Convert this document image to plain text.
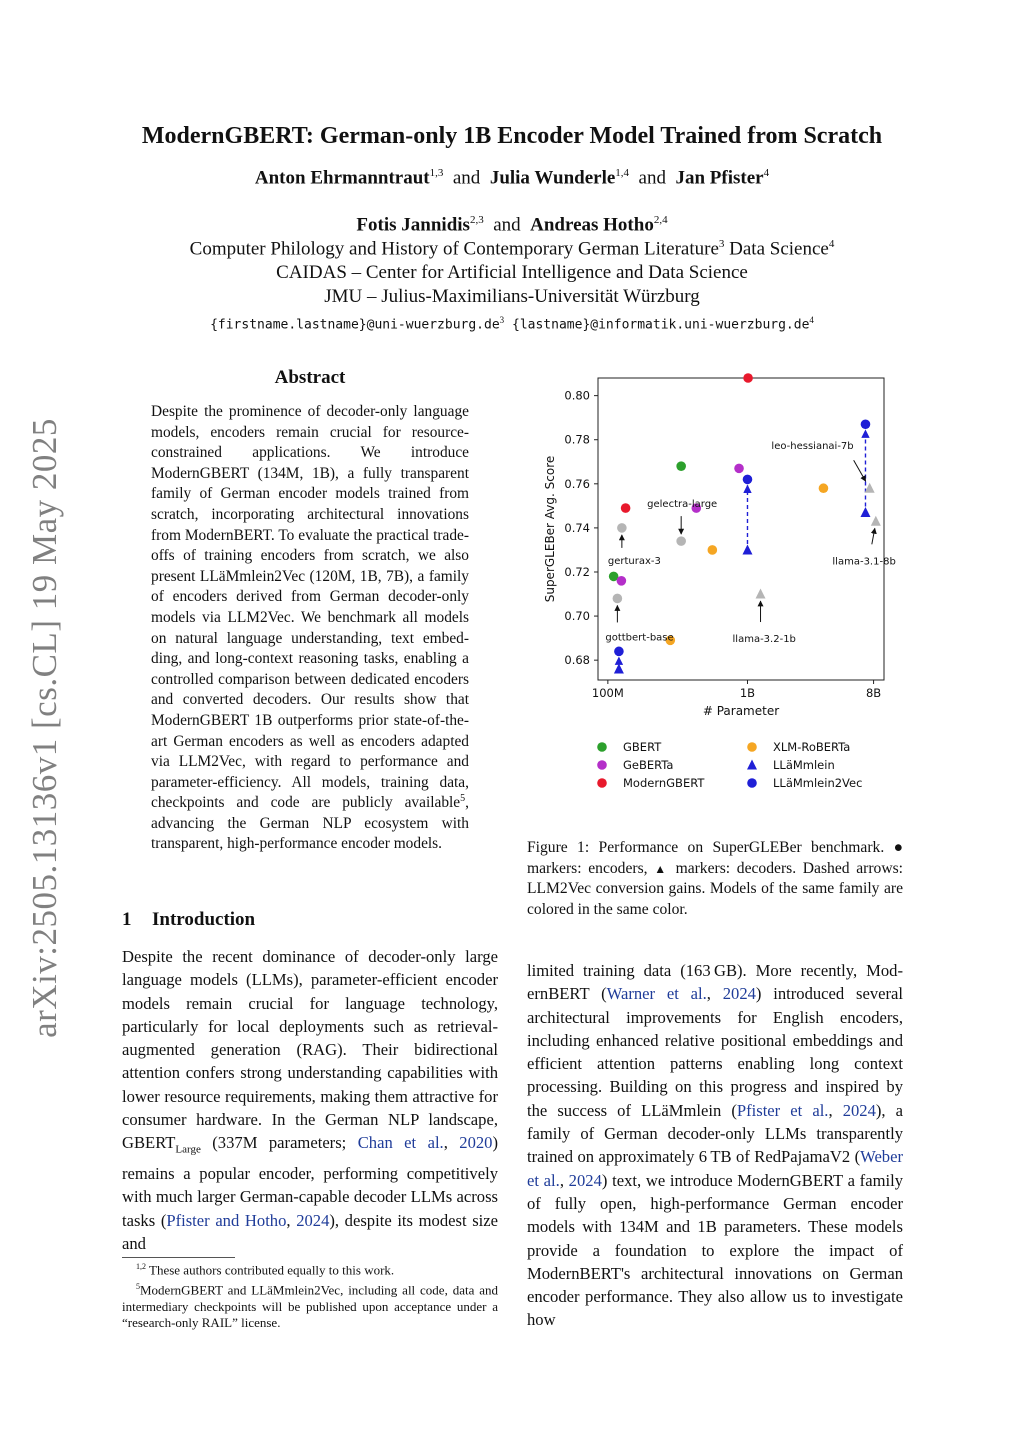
arXiv:2505.13136v1 [cs.CL] 19 May 2025
ModernGBERT: German-only 1B Encoder Model Trained from Scratch
Anton Ehrmanntraut$^{1,3}$ and Julia Wunderle$^{1,4}$ and Jan Pfister$^4$
Fotis Jannidis$^{2,3}$ and Andreas Hotho$^{2,4}$
Computer Philology and History of Contemporary German Literature$^3$ Data Science$^4$
CAIDAS – Center for Artificial Intelligence and Data Science
JMU – Julius-Maximilians-Universität Würzburg
$\{firstname.lastname\}@uni-wuerzburg.de^3$ $\{lastname\}@informatik.uni-wuerzburg.de^4$
Abstract
Despite the prominence of decoder-only language models, encoders remain crucial for resource-constrained applications. We introduce ModernGBERT (134M, 1B), a fully transparent family of German encoder models trained from scratch, incorporating architectural innovations from ModernBERT. To evaluate the practical trade-offs of training encoders from scratch, we also present LLäMmlein2Vec (120M, 1B, 7B), a family of encoders derived from German decoder-only models via LLM2Vec. We benchmark all models on natural language understanding, text embedding, and long-context reasoning tasks, enabling a controlled comparison between dedicated encoders and converted decoders. Our results show that ModernGBERT 1B outperforms prior state-of-the-art German encoders as well as encoders adapted via LLM2Vec, with regard to performance and parameter-efficiency. All models, training data, checkpoints and code are publicly available$^5$, advancing the German NLP ecosystem with transparent, high-performance encoder models.
1 Introduction
Despite the recent dominance of decoder-only large language models (LLMs), parameter-efficient encoder models remain crucial for language technology, particularly for local deployments such as retrieval-augmented generation (RAG). Their bidirectional attention confers strong understanding capabilities with lower resource requirements, making them attractive for consumer hardware. In the German NLP landscape, $GBERT_{Large}$ (337M parameters; Chan et al., 2020) remains a popular encoder, performing competitively with much larger German-capable decoder LLMs across tasks (Pfister and Hotho, 2024), despite its modest size and
$^{1,2}$ These authors contributed equally to this work.
$^5$ModernGBERT and LLäMmlein2Vec, including all code, data and intermediary checkpoints will be published upon acceptance under a “research-only RAIL” license.
0.68
0.70
0.72
0.74
0.76
0.78
0.80
100M	1B	8B
# Parameter
SuperGLEBer Avg. Score	gerturax-3
gottbert-base
gelectra-large
llama-3.2-1b
leo-hessianai-7b
llama-3.1-8b
GBERT	XLM-RoBERTa
GeBERTa	LLäMmlein
ModernGBERT	LLäMmlein2Vec
Figure 1: Performance on SuperGLEBer benchmark. ● markers: encoders, ▲ markers: decoders. Dashed arrows: LLM2Vec conversion gains. Models of the same family are colored in the same color.
limited training data (163 GB). More recently, ModernBERT (Warner et al., 2024) introduced several architectural improvements for English encoders, including enhanced relative positional embeddings and efficient attention patterns enabling long context processing. Building on this progress and inspired by the success of LLäMmlein (Pfister et al., 2024), a family of German decoder-only LLMs transparently trained on approximately 6 TB of RedPajamaV2 (Weber et al., 2024) text, we introduce ModernGBERT a family of fully open, high-performance German encoder models with 134M and 1B parameters. These models provide a foundation to explore the impact of ModernBERT's architectural innovations on German encoder performance. They also allow us to investigate how
